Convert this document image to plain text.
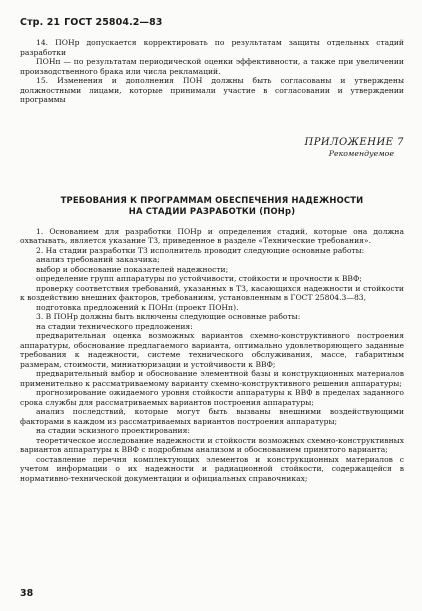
Стр. 21 ГОСТ 25804.2—83

14. ПОНр допускается корректировать по результатам защиты отдельных стадий разработки

ПОНп — по результатам периодической оценки эффективности, а также при увеличении производственного брака или числа рекламаций.

15. Изменения и дополнения ПОН должны быть согласованы и утверждены должностными лицами, которые принимали участие в согласовании и утверждении программы

ПРИЛОЖЕНИЕ 7
Рекомендуемое
ТРЕБОВАНИЯ К ПРОГРАММАМ ОБЕСПЕЧЕНИЯ НАДЕЖНОСТИ
НА СТАДИИ РАЗРАБОТКИ (ПОНр)

1. Основанием для разработки ПОНр и определения стадий, которые она должна охватывать, является указание ТЗ, приведенное в разделе «Технические требования».

2. На стадии разработки ТЗ исполнитель проводит следующие основные работы:

анализ требований заказчика;

выбор и обоснование показателей надежности;

определение групп аппаратуры по устойчивости, стойкости и прочности к ВВФ;

проверку соответствия требований, указанных в ТЗ, касающихся надежности и стойкости к воздействию внешних факторов, требованиям, установленным в ГОСТ 25804.3—83,

подготовка предложений к ПОНп (проект ПОНп).

3. В ПОНр должны быть включены следующие основные работы:

на стадии технического предложения:

предварительная оценка возможных вариантов схемно-конструктивного построения аппаратуры, обоснование предлагаемого варианта, оптимально удовлетворяющего заданные требования к надежности, системе технического обслуживания, массе, габаритным размерам, стоимости, миниатюризации и устойчивости к ВВФ;

предварительный выбор и обоснование элементной базы и конструкционных материалов применительно к рассматриваемому варианту схемно-конструктивного решения аппаратуры;

прогнозирование ожидаемого уровня стойкости аппаратуры к ВВФ в пределах заданного срока службы для рассматриваемых вариантов построения аппаратуры;

анализ последствий, которые могут быть вызваны внешними воздействующими факторами в каждом из рассматриваемых вариантов построения аппаратуры;

на стадии эскизного проектирования:

теоретическое исследование надежности и стойкости возможных схемно-конструктивных вариантов аппаратуры к ВВФ с подробным анализом и обоснованием принятого варианта;

составление перечня комплектующих элементов и конструкционных материалов с учетом информации о их надежности и радиационной стойкости, содержащейся в нормативно-технической документации и официальных справочниках;

38
